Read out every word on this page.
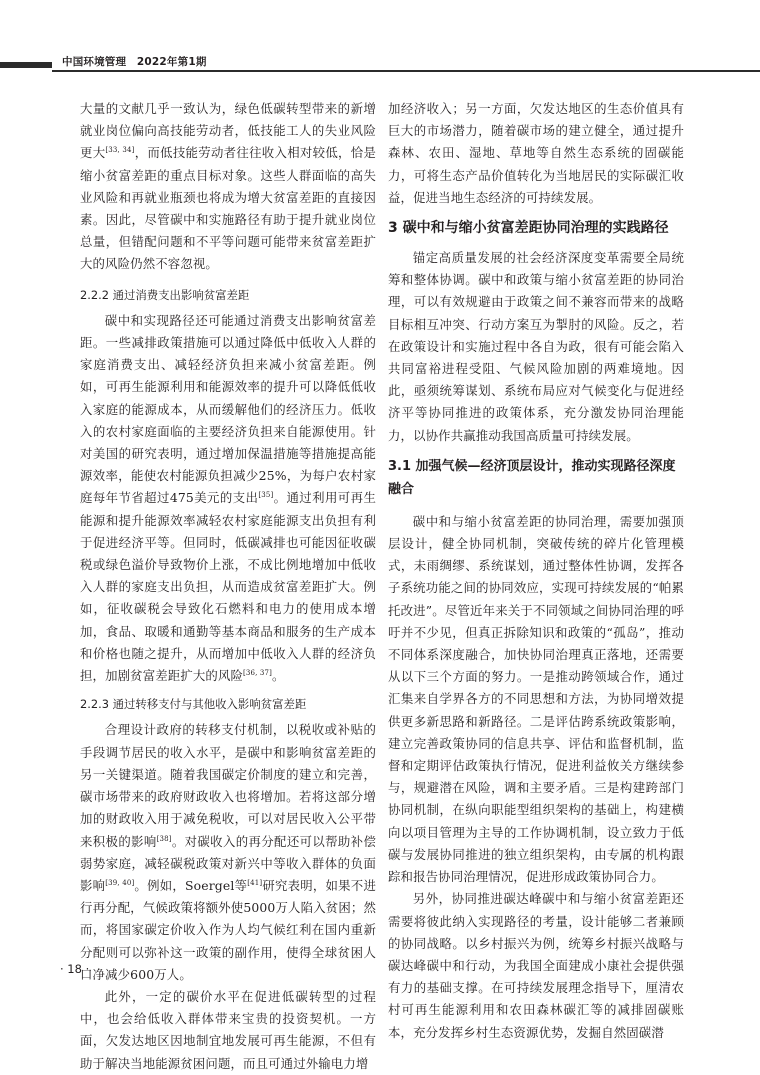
中国环境管理　2022年第1期

大量的文献几乎一致认为，绿色低碳转型带来的新增就业岗位偏向高技能劳动者，低技能工人的失业风险更大[33, 34]，而低技能劳动者往往收入相对较低，恰是缩小贫富差距的重点目标对象。这些人群面临的高失业风险和再就业瓶颈也将成为增大贫富差距的直接因素。因此，尽管碳中和实施路径有助于提升就业岗位总量，但错配问题和不平等问题可能带来贫富差距扩大的风险仍然不容忽视。

2.2.2 通过消费支出影响贫富差距

碳中和实现路径还可能通过消费支出影响贫富差距。一些减排政策措施可以通过降低中低收入人群的家庭消费支出、减轻经济负担来减小贫富差距。例如，可再生能源利用和能源效率的提升可以降低低收入家庭的能源成本，从而缓解他们的经济压力。低收入的农村家庭面临的主要经济负担来自能源使用。针对美国的研究表明，通过增加保温措施等措施提高能源效率，能使农村能源负担减少25%，为每户农村家庭每年节省超过475美元的支出[35]。通过利用可再生能源和提升能源效率减轻农村家庭能源支出负担有利于促进经济平等。但同时，低碳减排也可能因征收碳税或绿色溢价导致物价上涨，不成比例地增加中低收入人群的家庭支出负担，从而造成贫富差距扩大。例如，征收碳税会导致化石燃料和电力的使用成本增加，食品、取暖和通勤等基本商品和服务的生产成本和价格也随之提升，从而增加中低收入人群的经济负担，加剧贫富差距扩大的风险[36, 37]。

2.2.3 通过转移支付与其他收入影响贫富差距

合理设计政府的转移支付机制，以税收或补贴的手段调节居民的收入水平，是碳中和影响贫富差距的另一关键渠道。随着我国碳定价制度的建立和完善，碳市场带来的政府财政收入也将增加。若将这部分增加的财政收入用于减免税收，可以对居民收入公平带来积极的影响[38]。对碳收入的再分配还可以帮助补偿弱势家庭，减轻碳税政策对新兴中等收入群体的负面影响[39, 40]。例如，Soergel等[41]研究表明，如果不进行再分配，气候政策将额外使5000万人陷入贫困；然而，将国家碳定价收入作为人均气候红利在国内重新分配则可以弥补这一政策的副作用，使得全球贫困人口净减少600万人。

此外，一定的碳价水平在促进低碳转型的过程中，也会给低收入群体带来宝贵的投资契机。一方面，欠发达地区因地制宜地发展可再生能源，不但有助于解决当地能源贫困问题，而且可通过外输电力增

加经济收入；另一方面，欠发达地区的生态价值具有巨大的市场潜力，随着碳市场的建立健全，通过提升森林、农田、湿地、草地等自然生态系统的固碳能力，可将生态产品价值转化为当地居民的实际碳汇收益，促进当地生态经济的可持续发展。

3 碳中和与缩小贫富差距协同治理的实践路径

锚定高质量发展的社会经济深度变革需要全局统筹和整体协调。碳中和政策与缩小贫富差距的协同治理，可以有效规避由于政策之间不兼容而带来的战略目标相互冲突、行动方案互为掣肘的风险。反之，若在政策设计和实施过程中各自为政，很有可能会陷入共同富裕进程受阻、气候风险加剧的两难境地。因此，亟须统筹谋划、系统布局应对气候变化与促进经济平等协同推进的政策体系，充分激发协同治理能力，以协作共赢推动我国高质量可持续发展。

3.1 加强气候—经济顶层设计，推动实现路径深度融合

碳中和与缩小贫富差距的协同治理，需要加强顶层设计，健全协同机制，突破传统的碎片化管理模式，未雨绸缪、系统谋划，通过整体性协调，发挥各子系统功能之间的协同效应，实现可持续发展的“帕累托改进”。尽管近年来关于不同领域之间协同治理的呼吁并不少见，但真正拆除知识和政策的“孤岛”，推动不同体系深度融合，加快协同治理真正落地，还需要从以下三个方面的努力。一是推动跨领域合作，通过汇集来自学界各方的不同思想和方法，为协同增效提供更多新思路和新路径。二是评估跨系统政策影响，建立完善政策协同的信息共享、评估和监督机制，监督和定期评估政策执行情况，促进利益攸关方继续参与，规避潜在风险，调和主要矛盾。三是构建跨部门协同机制，在纵向职能型组织架构的基础上，构建横向以项目管理为主导的工作协调机制，设立致力于低碳与发展协同推进的独立组织架构，由专属的机构跟踪和报告协同治理情况，促进形成政策协同合力。

另外，协同推进碳达峰碳中和与缩小贫富差距还需要将彼此纳入实现路径的考量，设计能够二者兼顾的协同战略。以乡村振兴为例，统筹乡村振兴战略与碳达峰碳中和行动，为我国全面建成小康社会提供强有力的基础支撑。在可持续发展理念指导下，厘清农村可再生能源利用和农田森林碳汇等的减排固碳账本，充分发挥乡村生态资源优势，发掘自然固碳潜

· 18 ·
